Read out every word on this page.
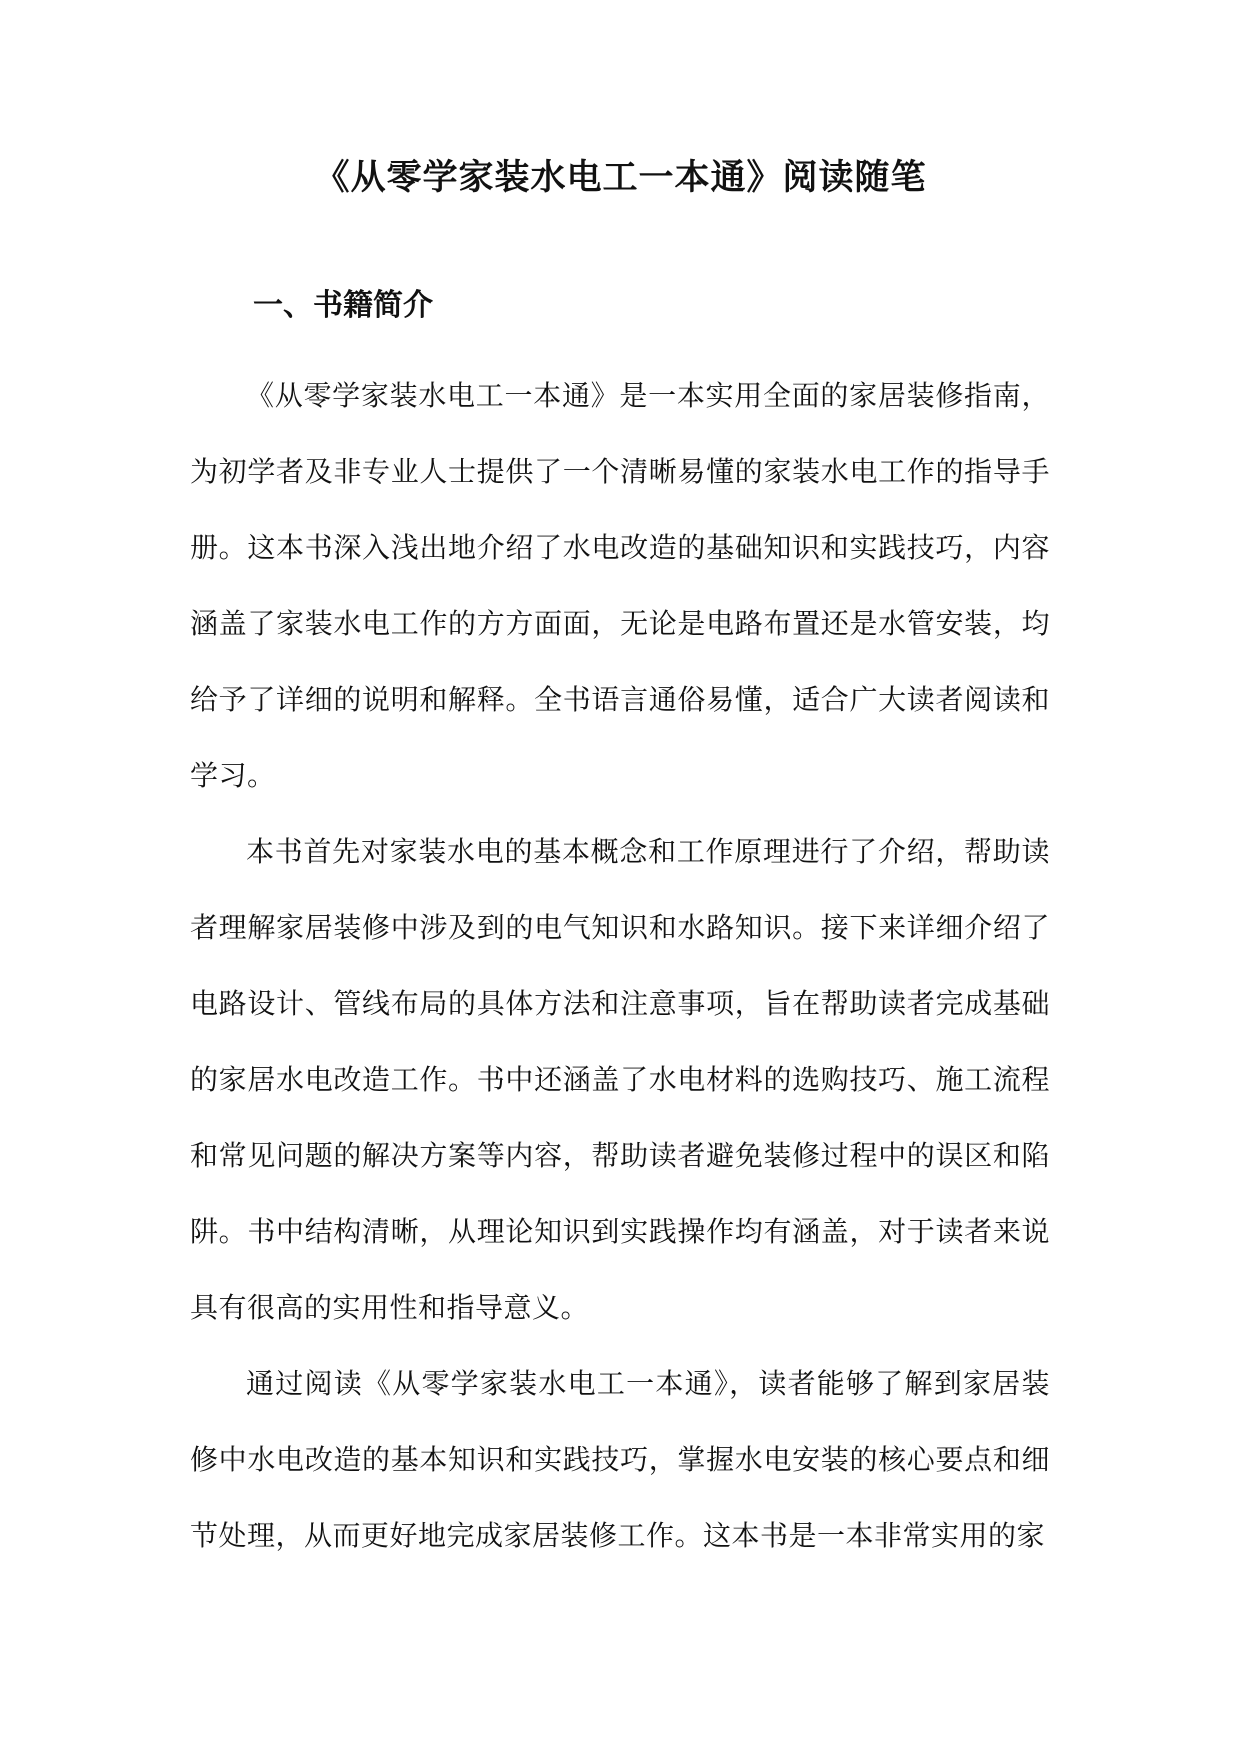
《从零学家装水电工一本通》阅读随笔
一、书籍简介

《从零学家装水电工一本通》是一本实用全面的家居装修指南，为初学者及非专业人士提供了一个清晰易懂的家装水电工作的指导手册。这本书深入浅出地介绍了水电改造的基础知识和实践技巧，内容涵盖了家装水电工作的方方面面，无论是电路布置还是水管安装，均给予了详细的说明和解释。全书语言通俗易懂，适合广大读者阅读和学习。

本书首先对家装水电的基本概念和工作原理进行了介绍，帮助读者理解家居装修中涉及到的电气知识和水路知识。接下来详细介绍了电路设计、管线布局的具体方法和注意事项，旨在帮助读者完成基础的家居水电改造工作。书中还涵盖了水电材料的选购技巧、施工流程和常见问题的解决方案等内容，帮助读者避免装修过程中的误区和陷阱。书中结构清晰，从理论知识到实践操作均有涵盖，对于读者来说具有很高的实用性和指导意义。

通过阅读《从零学家装水电工一本通》，读者能够了解到家居装修中水电改造的基本知识和实践技巧，掌握水电安装的核心要点和细节处理，从而更好地完成家居装修工作。这本书是一本非常实用的家
